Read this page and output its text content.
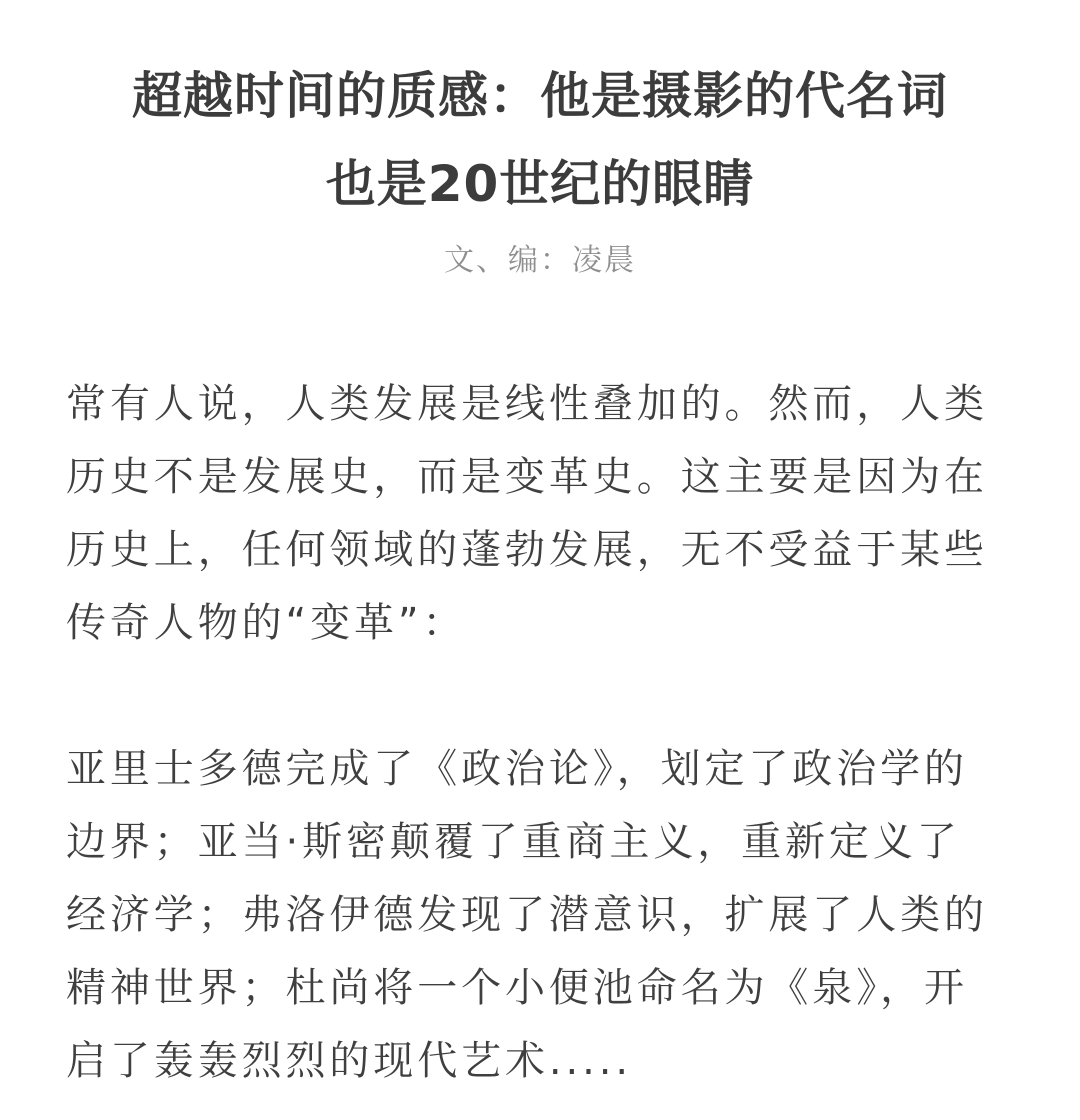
超越时间的质感：他是摄影的代名词
也是20世纪的眼睛
文、编：凌晨

常有人说，人类发展是线性叠加的。然而，人类
历史不是发展史，而是变革史。这主要是因为在
历史上，任何领域的蓬勃发展，无不受益于某些
传奇人物的“变革”：

亚里士多德完成了《政治论》，划定了政治学的
边界；亚当·斯密颠覆了重商主义，重新定义了
经济学；弗洛伊德发现了潜意识，扩展了人类的
精神世界；杜尚将一个小便池命名为《泉》，开
启了轰轰烈烈的现代艺术.....
